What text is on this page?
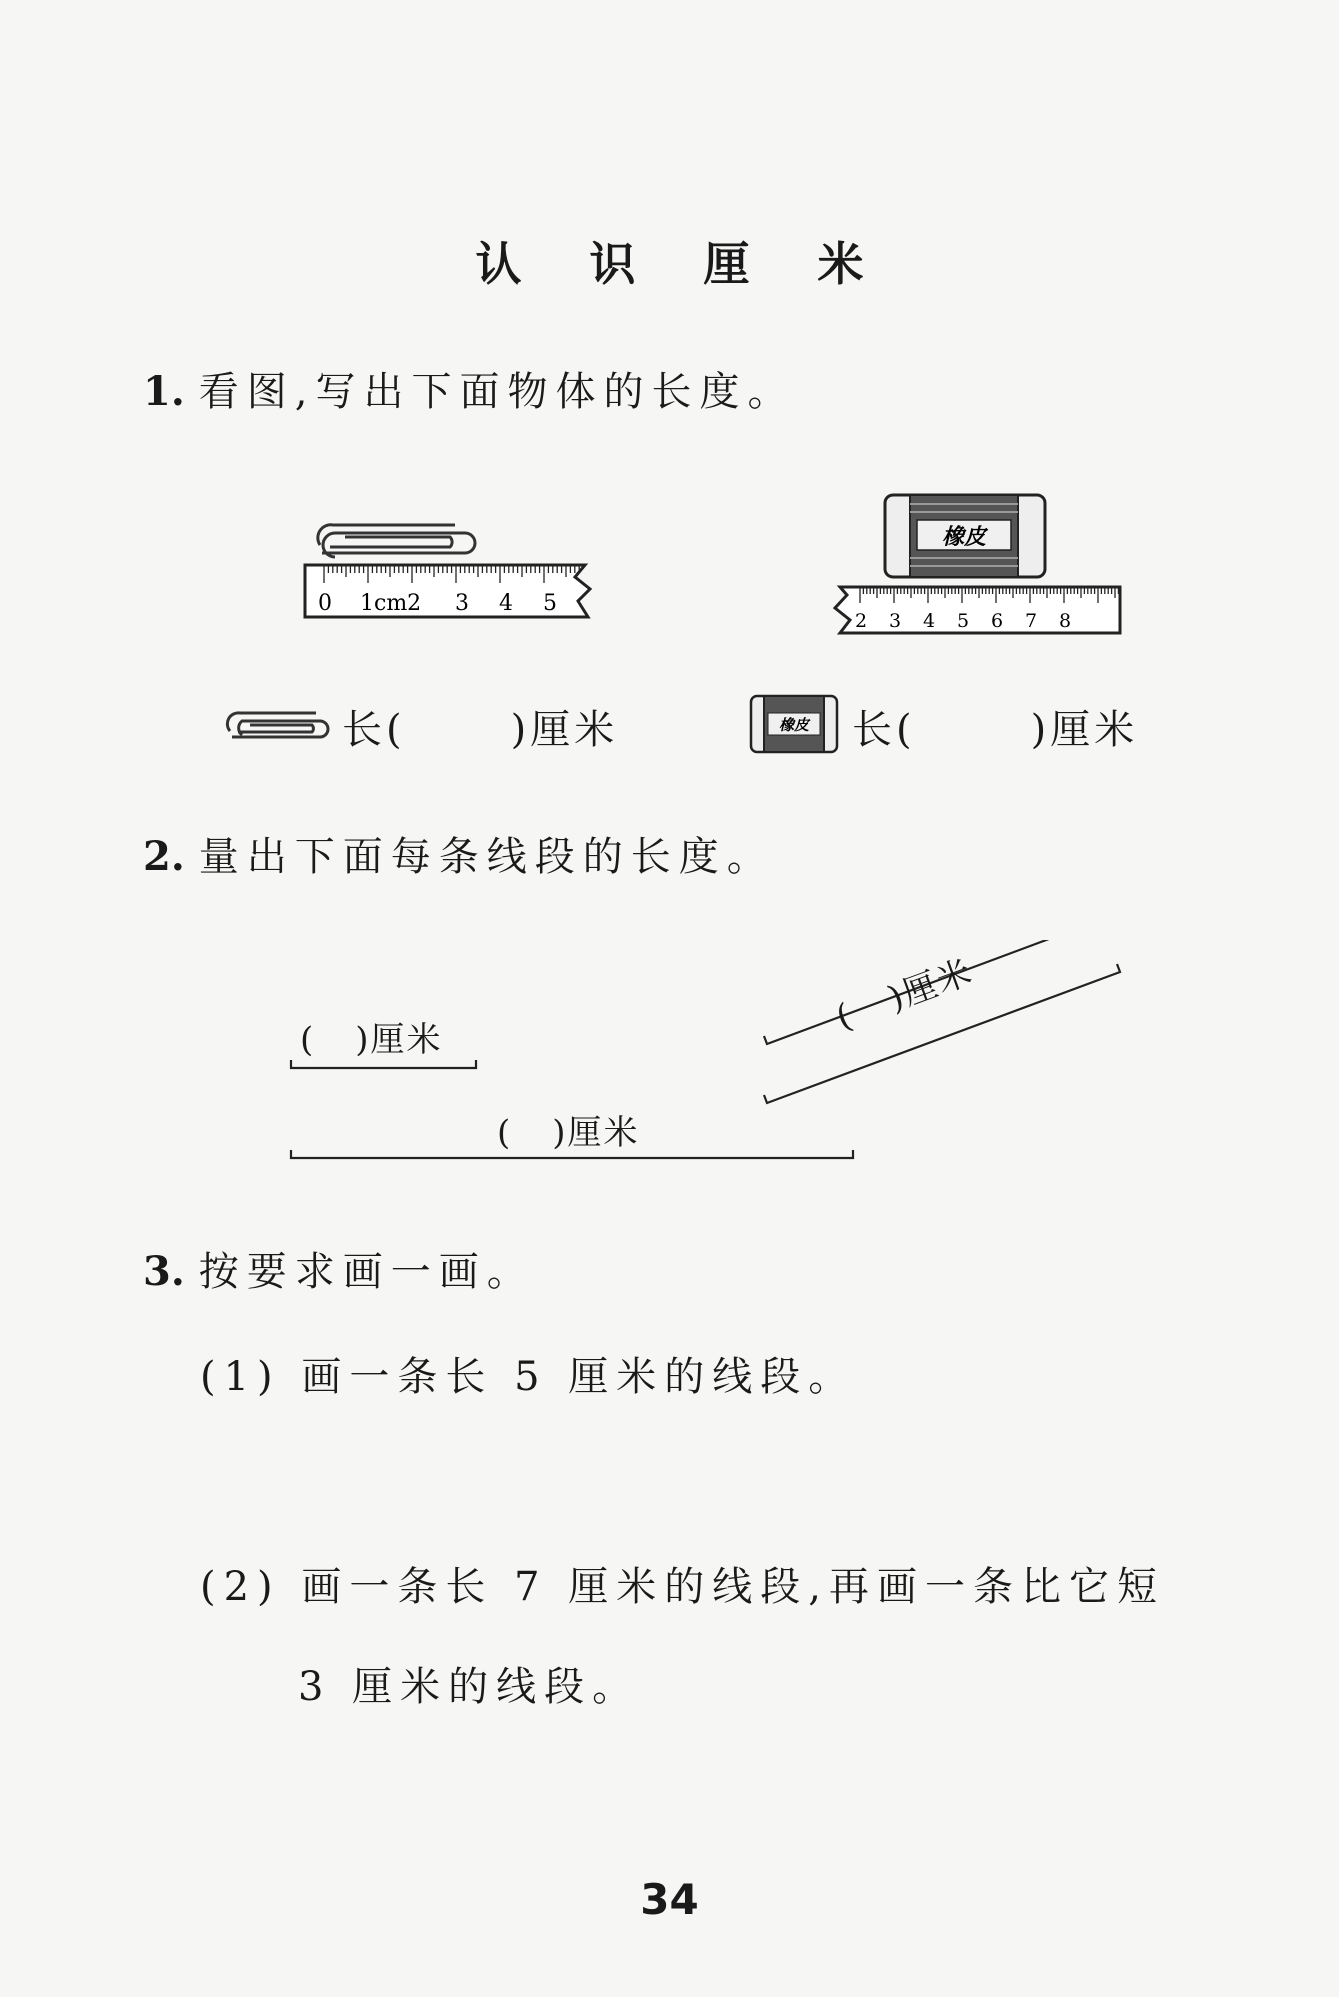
认 识 厘 米
1. 看图,写出下面物体的长度。
0 1cm2 3 4 5
橡皮
2 3 4 5 6 7 8
长(	)厘米	橡皮 长(	)厘米
2. 量出下面每条线段的长度。
( )厘米
( )厘米
( )厘米
3. 按要求画一画。
(1) 画一条长 5 厘米的线段。
(2) 画一条长 7 厘米的线段,再画一条比它短
3 厘米的线段。
34
